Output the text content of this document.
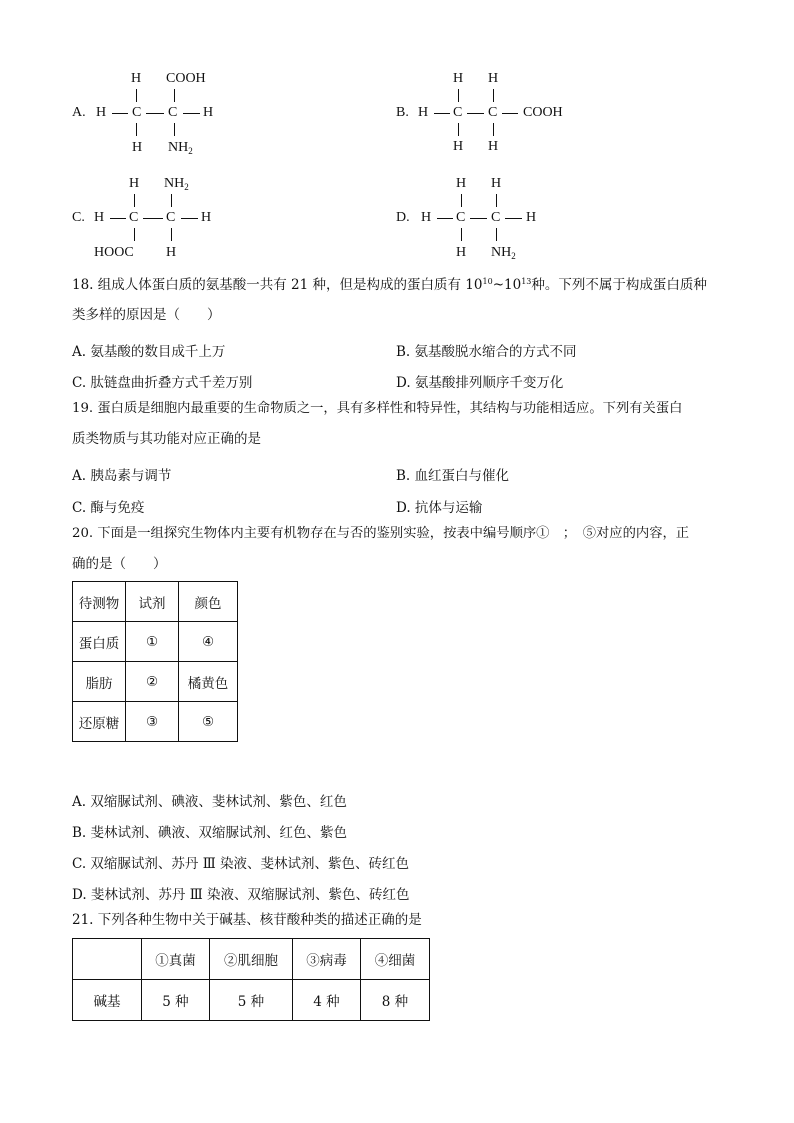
A.
H COOH
H C C H
H $NH_2$
B.
H H
H C C COOH
H H
C.
H $NH_2$
H C C H
HOOC H
D.
H H
H C C H
H $NH_2$
18. 组成人体蛋白质的氨基酸一共有 21 种，但是构成的蛋白质有 $10^{10}\sim 10^{13}$种。下列不属于构成蛋白质种
类多样的原因是（　　）
A. 氨基酸的数目成千上万	B. 氨基酸脱水缩合的方式不同
C. 肽链盘曲折叠方式千差万别	D. 氨基酸排列顺序千变万化
19. 蛋白质是细胞内最重要的生命物质之一，具有多样性和特异性，其结构与功能相适应。下列有关蛋白
质类物质与其功能对应正确的是
A. 胰岛素与调节	B. 血红蛋白与催化
C. 酶与免疫	D. 抗体与运输
20. 下面是一组探究生物体内主要有机物存在与否的鉴别实验，按表中编号顺序①　；　⑤对应的内容，正
确的是（　　）
待测物	试剂	颜色
蛋白质	①	④
脂肪	②	橘黄色
还原糖	③	⑤
A. 双缩脲试剂、碘液、斐林试剂、紫色、红色
B. 斐林试剂、碘液、双缩脲试剂、红色、紫色
C. 双缩脲试剂、苏丹 Ⅲ 染液、斐林试剂、紫色、砖红色
D. 斐林试剂、苏丹 Ⅲ 染液、双缩脲试剂、紫色、砖红色
21. 下列各种生物中关于碱基、核苷酸种类的描述正确的是
	①真菌	②肌细胞	③病毒	④细菌
碱基	5 种	5 种	4 种	8 种
